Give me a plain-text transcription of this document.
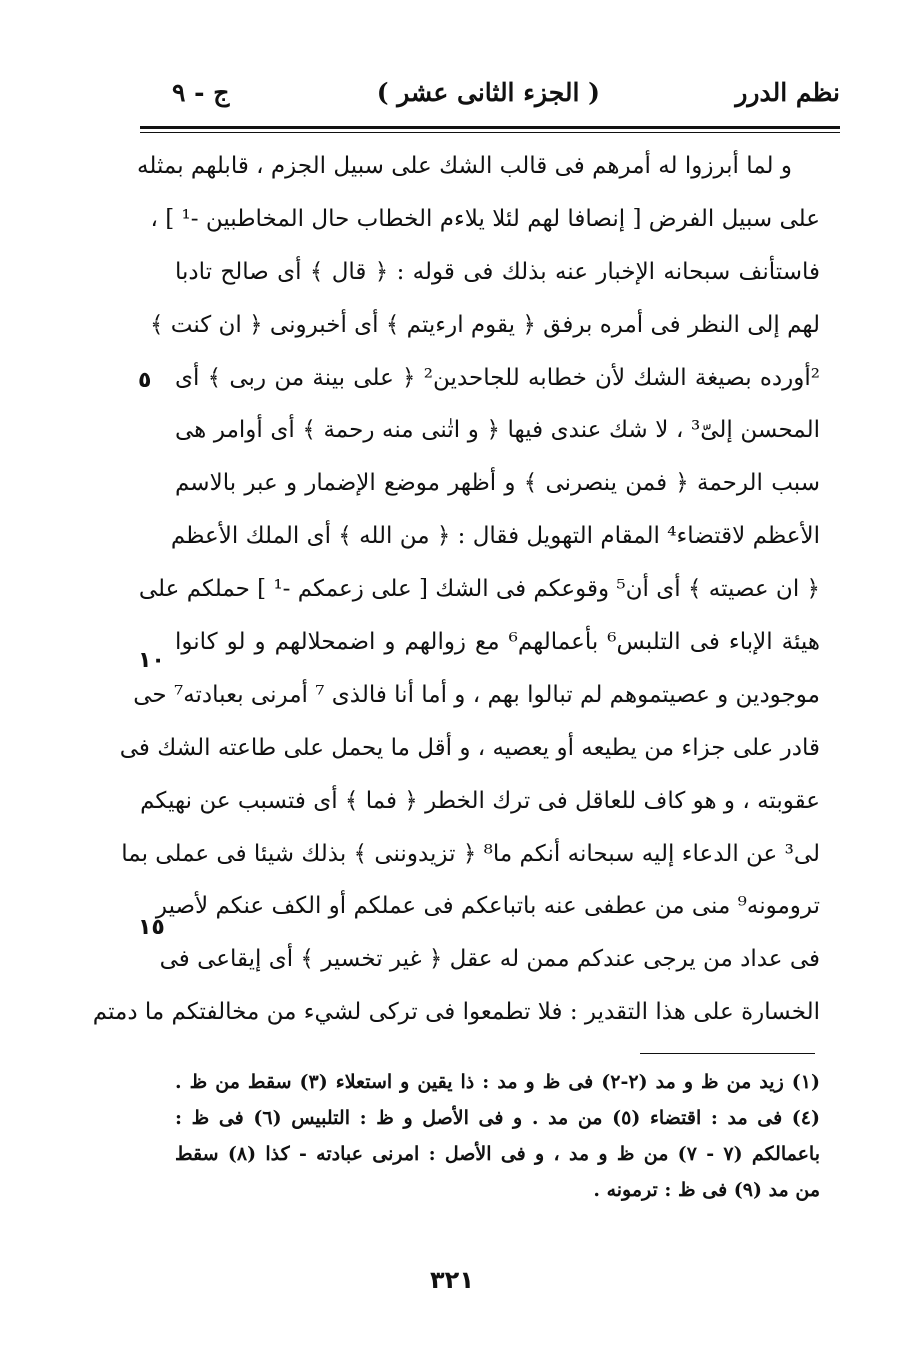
نظم الدرر
( الجزء الثانى عشر )
ج - ٩
و لما أبرزوا له أمرهم فى قالب الشك على سبيل الجزم ، قابلهم بمثله
على سبيل الفرض [ إنصافا لهم لئلا يلاءم الخطاب حال المخاطبين -¹ ] ،
فاستأنف سبحانه الإخبار عنه بذلك فى قوله : ﴿ قال ﴾ أى صالح تادبا
لهم إلى النظر فى أمره برفق ﴿ يقوم ارءيتم ﴾ أى أخبرونى ﴿ ان كنت ﴾
²أورده بصيغة الشك لأن خطابه للجاحدين² ﴿ على بينة من ربى ﴾ أى
المحسن إلىّ³ ، لا شك عندى فيها ﴿ و اتٰنى منه رحمة ﴾ أى أوامر هى
سبب الرحمة ﴿ فمن ينصرنى ﴾ و أظهر موضع الإضمار و عبر بالاسم
الأعظم لاقتضاء⁴ المقام التهويل فقال : ﴿ من الله ﴾ أى الملك الأعظم
﴿ ان عصيته ﴾ أى أن⁵ وقوعكم فى الشك [ على زعمكم -¹ ] حملكم على
هيئة الإباء فى التلبس⁶ بأعمالهم⁶ مع زوالهم و اضمحلالهم و لو كانوا
موجودين و عصيتموهم لم تبالوا بهم ، و أما أنا فالذى ⁷ أمرنى بعبادته⁷ حى
قادر على جزاء من يطيعه أو يعصيه ، و أقل ما يحمل على طاعته الشك فى
عقوبته ، و هو كاف للعاقل فى ترك الخطر ﴿ فما ﴾ أى فتسبب عن نهيكم
لى³ عن الدعاء إليه سبحانه أنكم ما⁸ ﴿ تزيدوننى ﴾ بذلك شيئا فى عملى بما
ترومونه⁹ منى من عطفى عنه باتباعكم فى عملكم أو الكف عنكم لأصير
فى عداد من يرجى عندكم ممن له عقل ﴿ غير تخسير ﴾ أى إيقاعى فى
الخسارة على هذا التقدير : فلا تطمعوا فى تركى لشيء من مخالفتكم ما دمتم
٥
١٠
١٥
(١) زيد من ظ و مد (٢-٢) فى ظ و مد : ذا يقين و استعلاء (٣) سقط من ظ .
(٤) فى مد : اقتضاء (٥) من مد . و فى الأصل و ظ : التلبيس (٦) فى ظ :
باعمالكم (٧ - ٧) من ظ و مد ، و فى الأصل : امرنى عبادته - كذا (٨) سقط
من مد (٩) فى ظ : ترمونه .
٣٢١
